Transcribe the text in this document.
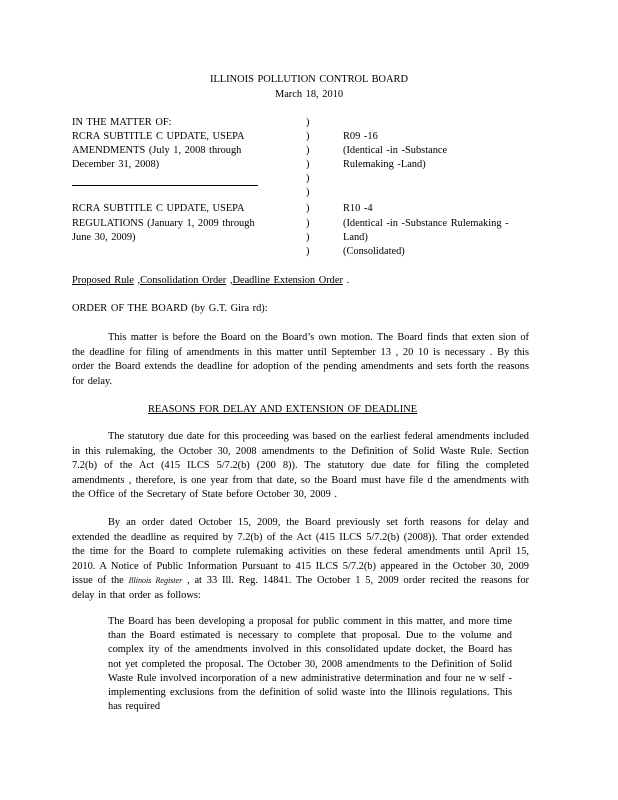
ILLINOIS POLLUTION CONTROL BOARD
March 18, 2010
IN THE MATTER OF:
RCRA SUBTITLE C UPDATE, USEPA
AMENDMENTS (July 1, 2008 through
December 31, 2008)
RCRA SUBTITLE C UPDATE, USEPA
REGULATIONS (January 1, 2009 through
June 30, 2009)
)
)
)
)
)
)
)
)
)
)
R09 -16
(Identical -in -Substance
Rulemaking -Land)
R10 -4
(Identical -in -Substance Rulemaking -
Land)
(Consolidated)
Proposed Rule ,Consolidation Order ,Deadline Extension Order .
ORDER OF THE BOARD (by G.T. Gira rd):
This matter is before the Board on the Board’s own motion. The Board finds that exten sion of the deadline for filing of amendments in this matter until September 13 , 20 10 is necessary . By this order the Board extends the deadline for adoption of the pending amendments and sets forth the reasons for delay.
REASONS FOR DELAY AND EXTENSION OF DEADLINE
The statutory due date for this proceeding was based on the earliest federal amendments included in this rulemaking, the October 30, 2008 amendments to the Definition of Solid Waste Rule. Section 7.2(b) of the Act (415 ILCS 5/7.2(b) (200 8)). The statutory due date for filing the completed amendments , therefore, is one year from that date, so the Board must have file d the amendments with the Office of the Secretary of State before October 30, 2009 .
By an order dated October 15, 2009, the Board previously set forth reasons for delay and extended the deadline as required by 7.2(b) of the Act (415 ILCS 5/7.2(b) (2008)). That order extended the time for the Board to complete rulemaking activities on these federal amendments until April 15, 2010. A Notice of Public Information Pursuant to 415 ILCS 5/7.2(b) appeared in the October 30, 2009 issue of the Illinois Register , at 33 Ill. Reg. 14841. The October 1 5, 2009 order recited the reasons for delay in that order as follows:
The Board has been developing a proposal for public comment in this matter, and more time than the Board estimated is necessary to complete that proposal. Due to the volume and complex ity of the amendments involved in this consolidated update docket, the Board has not yet completed the proposal. The October 30, 2008 amendments to the Definition of Solid Waste Rule involved incorporation of a new administrative determination and four ne w self -implementing exclusions from the definition of solid waste into the Illinois regulations. This has required
